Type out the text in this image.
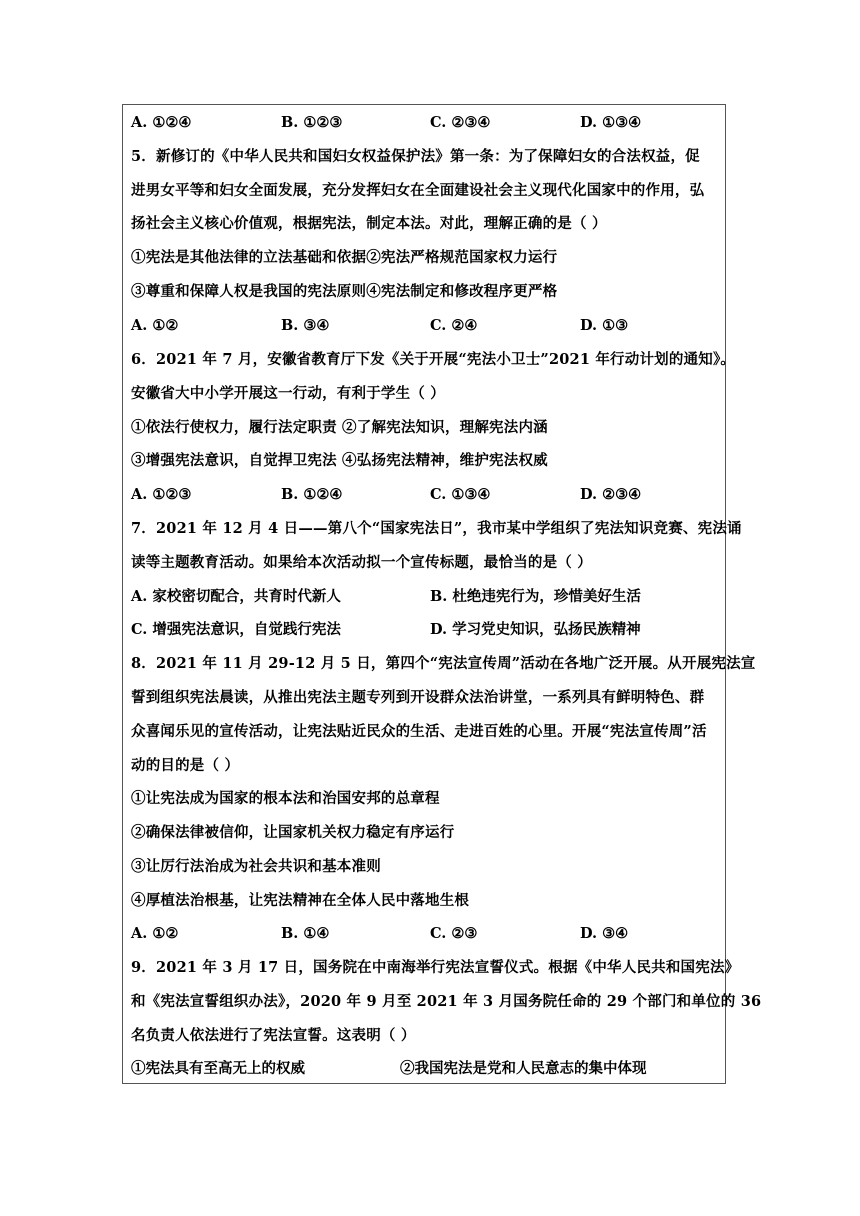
A. ①②④	B. ①②③	C. ②③④	D. ①③④
5．新修订的《中华人民共和国妇女权益保护法》第一条：为了保障妇女的合法权益，促
进男女平等和妇女全面发展，充分发挥妇女在全面建设社会主义现代化国家中的作用，弘
扬社会主义核心价值观，根据宪法，制定本法。对此，理解正确的是（ ）
①宪法是其他法律的立法基础和依据②宪法严格规范国家权力运行
③尊重和保障人权是我国的宪法原则④宪法制定和修改程序更严格
A. ①②	B. ③④	C. ②④	D. ①③
6．2021 年 7 月，安徽省教育厅下发《关于开展“宪法小卫士”2021 年行动计划的通知》。
安徽省大中小学开展这一行动，有利于学生（ ）
①依法行使权力，履行法定职责 ②了解宪法知识，理解宪法内涵
③增强宪法意识，自觉捍卫宪法 ④弘扬宪法精神，维护宪法权威
A. ①②③	B. ①②④	C. ①③④	D. ②③④
7．2021 年 12 月 4 日——第八个“国家宪法日”，我市某中学组织了宪法知识竞赛、宪法诵
读等主题教育活动。如果给本次活动拟一个宣传标题，最恰当的是（ ）
A. 家校密切配合，共育时代新人	B. 杜绝违宪行为，珍惜美好生活
C. 增强宪法意识，自觉践行宪法	D. 学习党史知识，弘扬民族精神
8．2021 年 11 月 29-12 月 5 日，第四个“宪法宣传周”活动在各地广泛开展。从开展宪法宣
誓到组织宪法晨读，从推出宪法主题专列到开设群众法治讲堂，一系列具有鲜明特色、群
众喜闻乐见的宣传活动，让宪法贴近民众的生活、走进百姓的心里。开展“宪法宣传周”活
动的目的是（ ）
①让宪法成为国家的根本法和治国安邦的总章程
②确保法律被信仰，让国家机关权力稳定有序运行
③让厉行法治成为社会共识和基本准则
④厚植法治根基，让宪法精神在全体人民中落地生根
A. ①②	B. ①④	C. ②③	D. ③④
9．2021 年 3 月 17 日，国务院在中南海举行宪法宣誓仪式。根据《中华人民共和国宪法》
和《宪法宣誓组织办法》，2020 年 9 月至 2021 年 3 月国务院任命的 29 个部门和单位的 36
名负责人依法进行了宪法宣誓。这表明（ ）
①宪法具有至高无上的权威	②我国宪法是党和人民意志的集中体现
